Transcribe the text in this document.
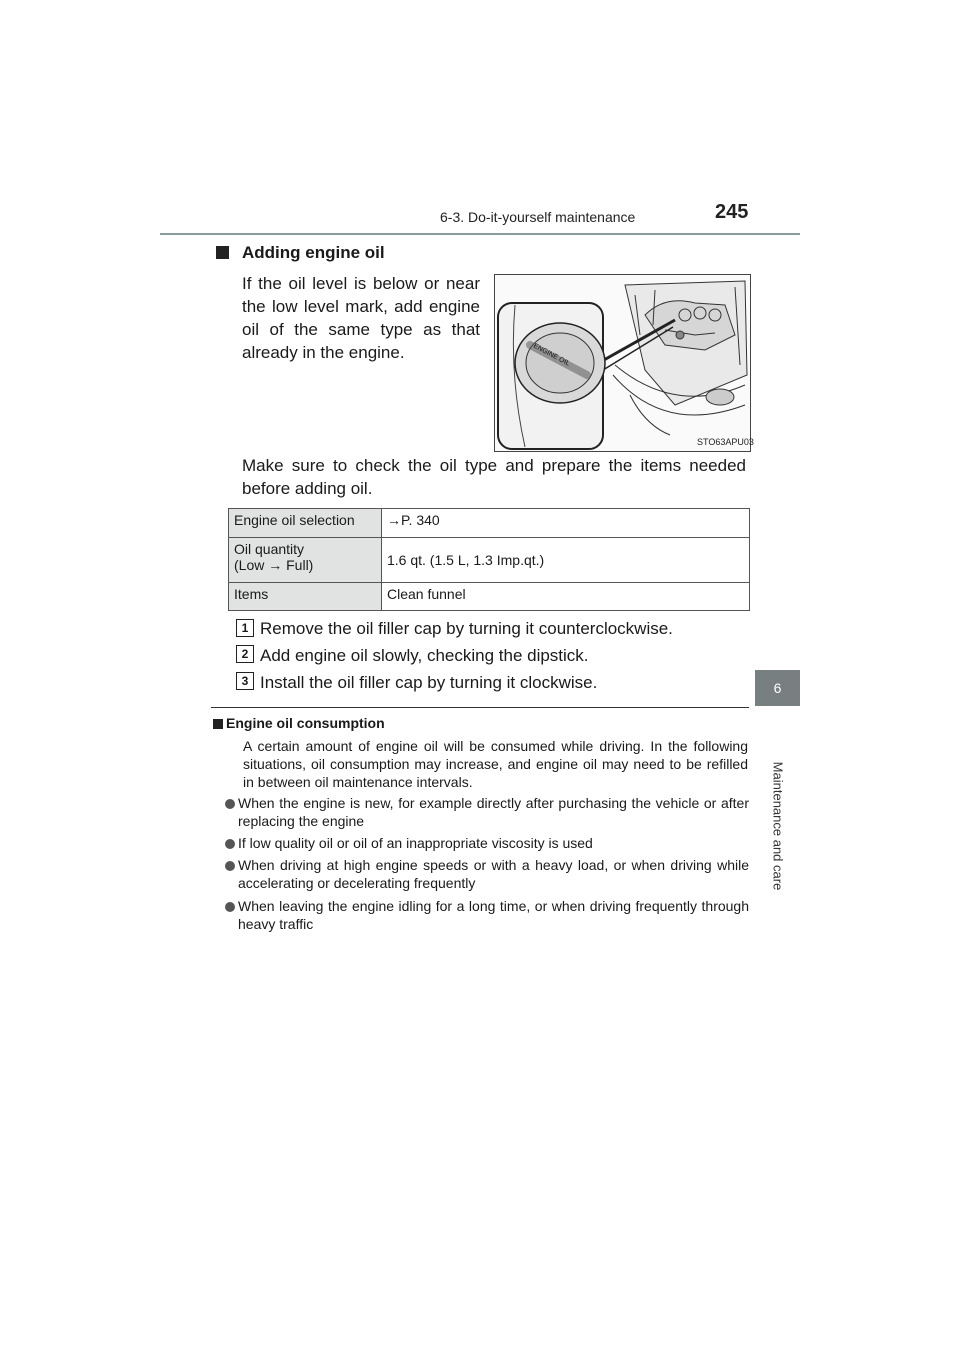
6-3. Do-it-yourself maintenance	245
6
Maintenance and care
Adding engine oil
If the oil level is below or near the low level mark, add engine oil of the same type as that already in the engine.	ENGINE OIL
STO63APU03
Make sure to check the oil type and prepare the items needed before adding oil.
Engine oil selection	→P. 340
Oil quantity
(Low → Full)	1.6 qt. (1.5 L, 1.3 Imp.qt.)
Items	Clean funnel
1 Remove the oil filler cap by turning it counterclockwise.
2 Add engine oil slowly, checking the dipstick.
3 Install the oil filler cap by turning it clockwise.
Engine oil consumption
A certain amount of engine oil will be consumed while driving. In the following situations, oil consumption may increase, and engine oil may need to be refilled in between oil maintenance intervals.
When the engine is new, for example directly after purchasing the vehicle or after replacing the engine
If low quality oil or oil of an inappropriate viscosity is used
When driving at high engine speeds or with a heavy load, or when driving while accelerating or decelerating frequently
When leaving the engine idling for a long time, or when driving frequently through heavy traffic
